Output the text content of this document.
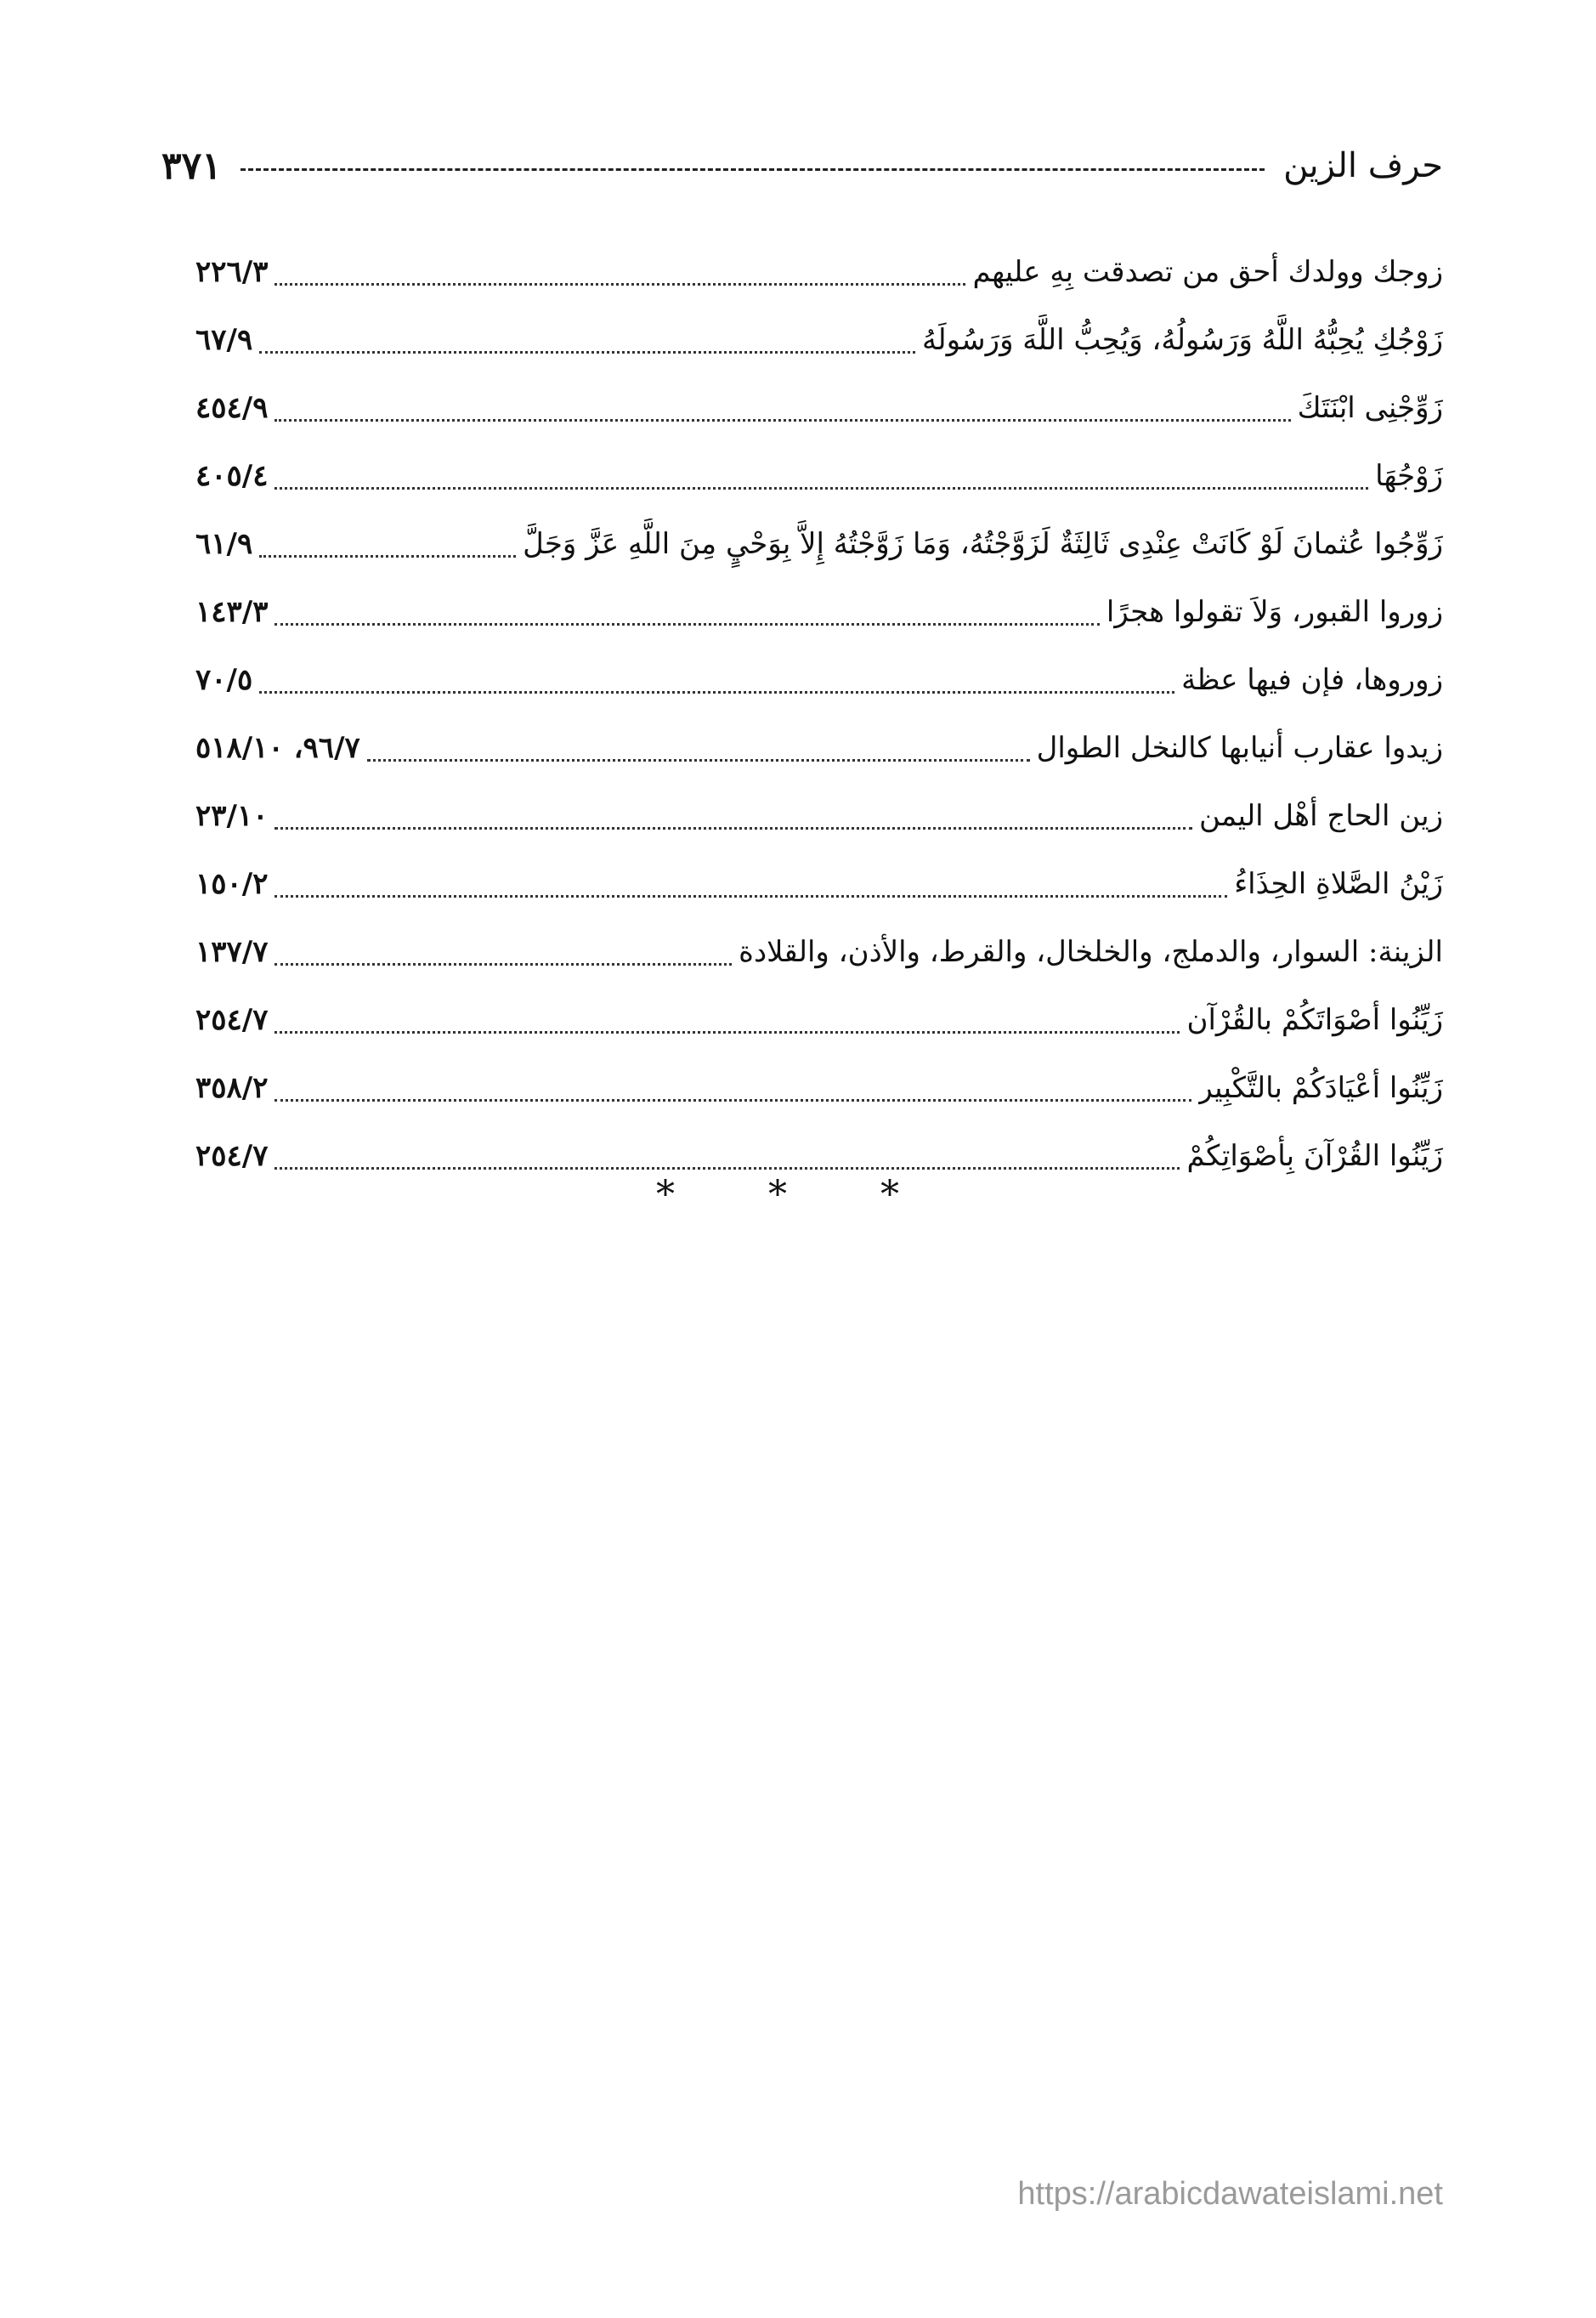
حرف الزين
٣٧١
زوجك وولدك أحق من تصدقت بِهِ عليهم
٢٢٦/٣
زَوْجُكِ يُحِبُّهُ اللَّهُ وَرَسُولُهُ، وَيُحِبُّ اللَّهَ وَرَسُولَهُ
٦٧/٩
زَوِّجْنِى ابْنَتَكَ
٤٥٤/٩
زَوْجُهَا
٤٠٥/٤
زَوِّجُوا عُثمانَ لَوْ كَانَتْ عِنْدِى ثَالِثَةٌ لَزَوَّجْتُهُ، وَمَا زَوَّجْتُهُ إِلاَّ بِوَحْيٍ مِنَ اللَّهِ عَزَّ وَجَلَّ
٦١/٩
زوروا القبور، وَلاَ تقولوا هجرًا
١٤٣/٣
زوروها، فإن فيها عظة
٧٠/٥
زيدوا عقارب أنيابها كالنخل الطوال
٩٦/٧، ٥١٨/١٠
زين الحاج أهْل اليمن
٢٣/١٠
زَيْنُ الصَّلاةِ الحِذَاءُ
١٥٠/٢
الزينة: السوار، والدملج، والخلخال، والقرط، والأذن، والقلادة
١٣٧/٧
زَيِّنُوا أصْوَاتَكُمْ بالقُرْآن
٢٥٤/٧
زَيِّنُوا أعْيَادَكُمْ بالتَّكْبِير
٣٥٨/٢
زَيِّنُوا القُرْآنَ بِأصْوَاتِكُمْ
٢٥٤/٧
* * *
https://arabicdawateislami.net
